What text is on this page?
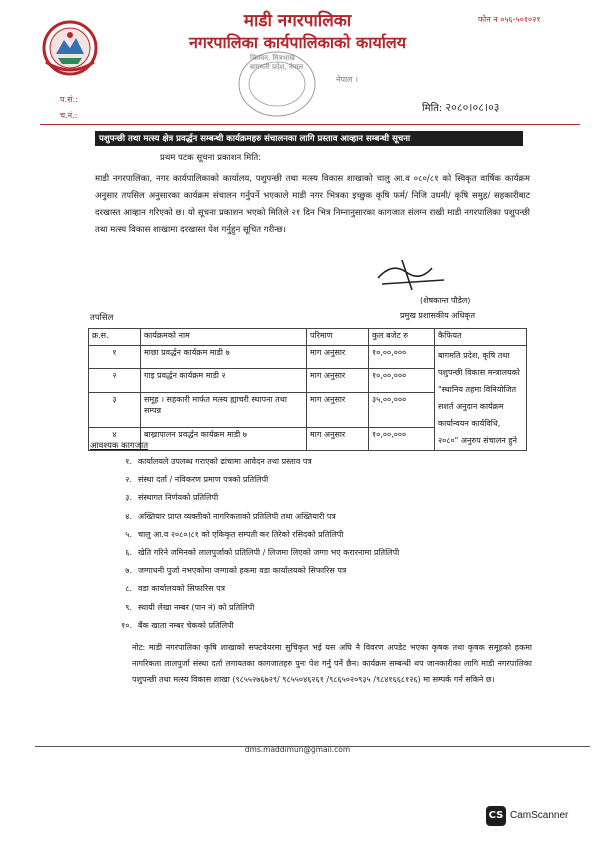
माडी नगरपालिका
नगरपालिका कार्यपालिकाको कार्यालय
फोन न ०५६-५०१०२१
चितवन, मित्रभाख
बागमती प्रदेश, नेपाल
नेपाल ।
प.सं.:
च.नं.:
मिति: २०८०।०८।०३
पशुपन्छी तथा मत्स्य क्षेत्र प्रवर्द्धन सम्बन्धी कार्यक्रमहरु संचालनका लागि प्रस्ताव आव्हान सम्बन्धी सूचना
प्रथम पटक सूचना प्रकाशन मिति:
माडी नगरपालिका, नगर कार्यपालिकाको कार्यालय, पशुपन्छी तथा मत्स्य विकास शाखाको चालु आ.व ०८०/८१ को स्विकृत वार्षिक कार्यक्रम अनुसार तपसिल अनुसारका कार्यक्रम संचालन गर्नुपर्ने भएकाले माडी नगर भित्रका इच्छुक कृषि फर्म/ निजि उधमी/ कृषि समुह/ सहकारीबाट दरखास्त आव्हान गरिएको छ। यो सूचना प्रकाशन भएको मितिले २१ दिन भित्र निम्नानुसारका कागजात संलग्न राखी माडी नगरपालिका पशुपन्छी तथा मत्स्य विकास शाखामा दरखास्त पेश गर्नुहुन सूचित गरीन्छ।
(शेषकान्त पौडेल)
प्रमुख प्रशासकीय अधिकृत
तपसिल
क्र.स.	कार्यक्रमको नाम	परिमाण	कुल बजेट रु	कैफियत
१	माछा प्रवर्द्धन कार्यक्रम माडी ७	माग अनुसार	१०,००,०००	बागमति प्रदेश, कृषि तथा पशुपन्छी विकास मन्त्रालयको "स्थानिय तहमा विनियोजित सशर्त अनुदान कार्यक्रम कार्यान्वयन कार्यविधि, २०८०" अनुरुप संचालन हुने
२	गाइ प्रवर्द्धन कार्यक्रम माडी २	माग अनुसार	१०,००,०००	
३	समूह । सहकारी मार्फत मत्स्य ह्याचरी स्थापना तथा सम्पन्न	माग अनुसार	३५,००,०००	
४	बाख्रापालन प्रवर्द्धन कार्यक्रम माडी ७	माग अनुसार	१०,००,०००	
आवश्यक कागजात
१. कार्यालयले उपलब्ध गराएको ढांचामा आवेदन तथा प्रस्ताव पत्र
२. संस्था दर्ता / नविकरण प्रमाण पत्रको प्रतिलिपी
३. संस्थागत निर्णयको प्रतिलिपी
४. अख्तियार प्राप्त व्यक्तीको नागरिकताको प्रतिलिपी तथा अख्तियारी पत्र
५. चालु आ.व २०८०।८१ को एकिकृत सम्पती कर तिरेको रसिदको प्रतिलिपी
६. खेति गरिने जमिनको लालपुर्जाको प्रतिलिपी / लिजमा लिएको जग्गा भए करारनामा प्रतिलिपी
७. जग्गाधनी पुर्जा नभएकोमा जग्गाको हकमा वडा कार्यालयको सिफारिस पत्र
८. वडा कार्यालयको सिफारिस पत्र
९. स्थायी लेखा नम्बर (पान नं) को प्रतिलिपी
१०. बैंक खाता नम्बर चेकको प्रतिलिपी
नोट: माडी नगरपालिका कृषि शाखाको सफ्टवेयरमा सुचिकृत भई यस अघि नै विवरण अपडेट भएका कृषक तथा कृषक समूहको हकमा नागरिकता लालपुर्जा संस्था दर्ता लगायतका कागजातहरु पुनः पेश गर्नु पर्ने छैन। कार्यक्रम सम्बन्धी थप जानकारीका लागि माडी नगरपालिका पशुपन्छी तथा मत्स्य विकास शाखा (९८५५२७६७२९/ ९८५५०४६२६१ /९८६५०२०९३५ /९८४१६६८१२६) मा सम्पर्क गर्न सकिने छ।
dms.maddimun@gmail.com
CS CamScanner
